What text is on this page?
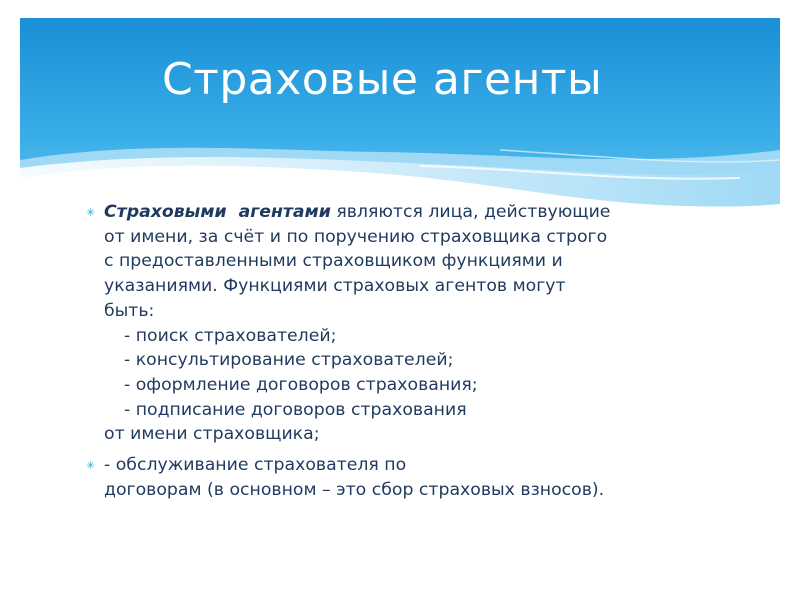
Страховые агенты
✳ Страховыми агентами являются лица, действующие
от имени, за счёт и по поручению страховщика строго
с предоставленными страховщиком функциями и
указаниями. Функциями страховых агентов могут
быть:
- поиск страхователей;
- консультирование страхователей;
- оформление договоров страхования;
- подписание договоров страхования
от имени страховщика;
✳ - обслуживание страхователя по
договорам (в основном – это сбор страховых взносов).
